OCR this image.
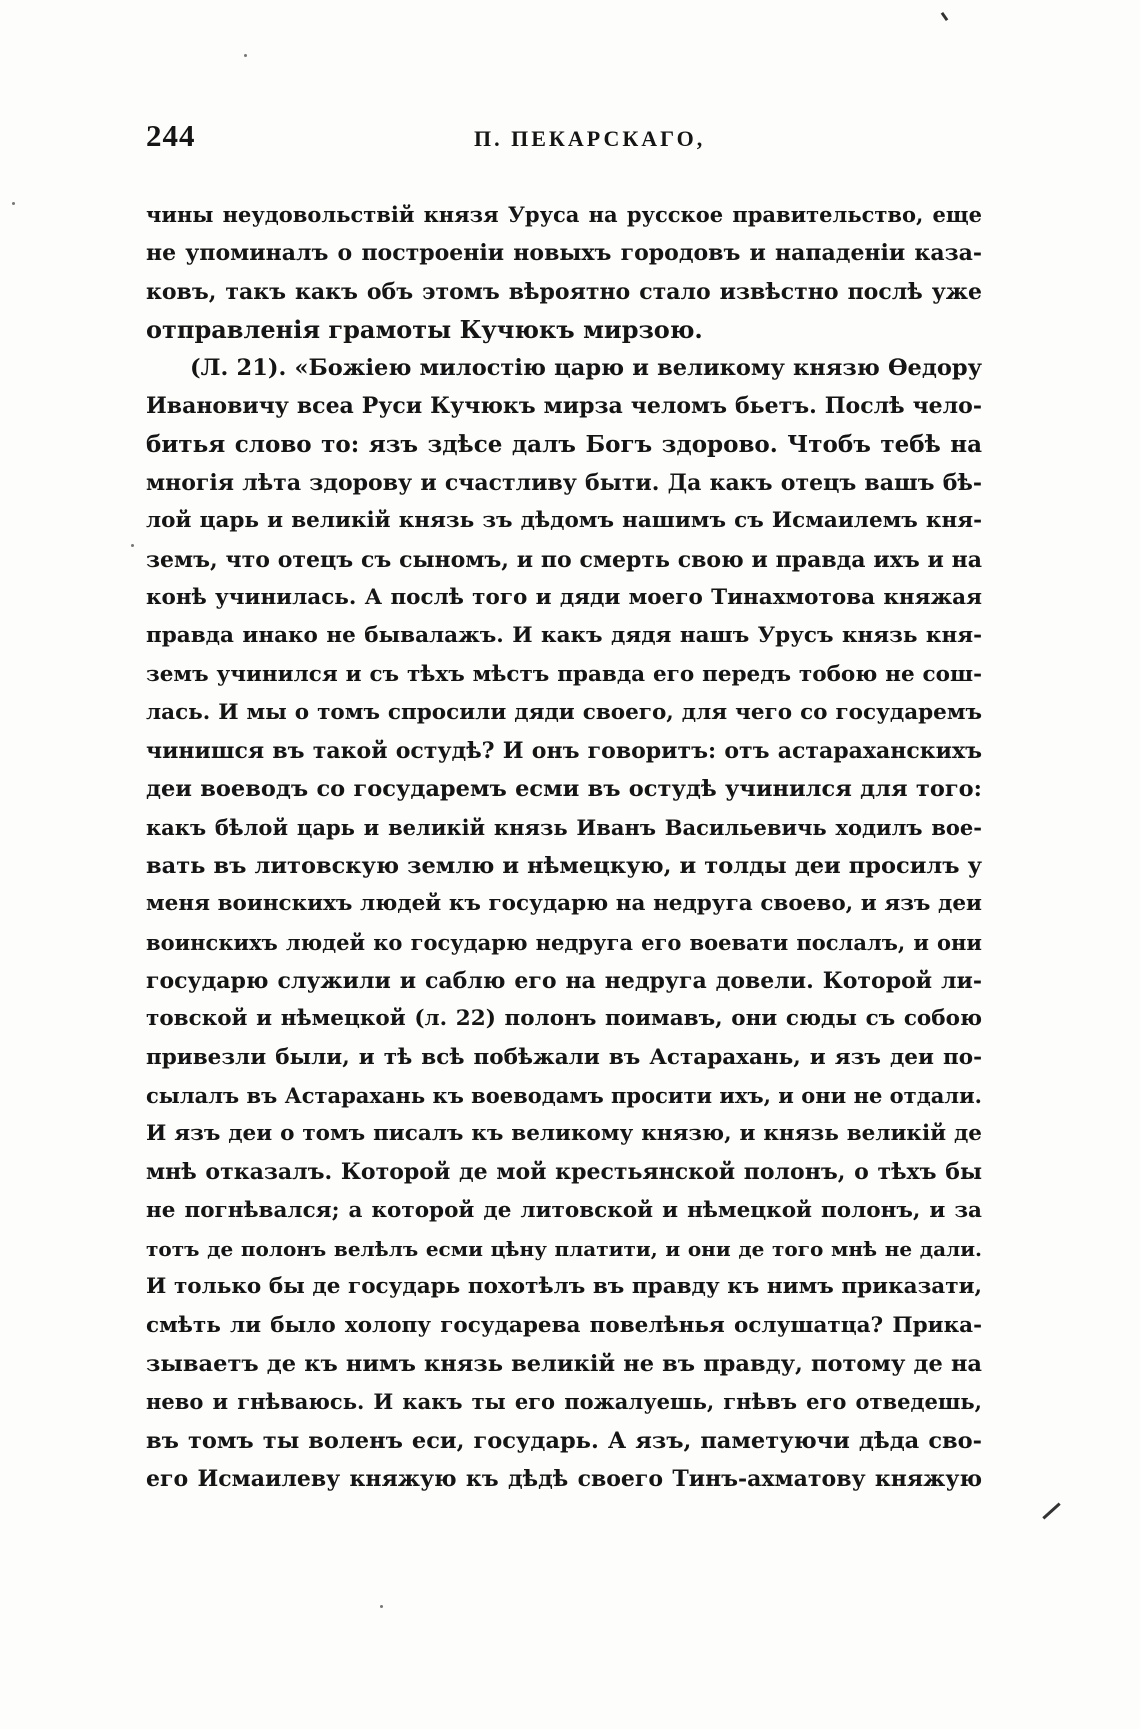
244	П. ПЕКАРСКАГО,
чины неудовольствій князя Уруса на русское правительство, еще
не упоминалъ о построеніи новыхъ городовъ и нападеніи каза-
ковъ, такъ какъ объ этомъ вѣроятно стало извѣстно послѣ уже
отправленія грамоты Кучюкъ мирзою.
(Л. 21). «Божіею милостію царю и великому князю Ѳедору
Ивановичу всеа Руси Кучюкъ мирза челомъ бьетъ. Послѣ чело-
битья слово то: язъ здѣсе далъ Богъ здорово. Чтобъ тебѣ на
многія лѣта здорову и счастливу быти. Да какъ отецъ вашъ бѣ-
лой царь и великій князь зъ дѣдомъ нашимъ съ Исмаилемъ кня-
земъ, что отецъ съ сыномъ, и по смерть свою и правда ихъ и на
конѣ учинилась. А послѣ того и дяди моего Тинахмотова княжая
правда инако не бывалажъ. И какъ дядя нашъ Урусъ князь кня-
земъ учинился и съ тѣхъ мѣстъ правда его передъ тобою не сош-
лась. И мы о томъ спросили дяди своего, для чего со государемъ
чинишся въ такой остудѣ? И онъ говоритъ: отъ астараханскихъ
деи воеводъ со государемъ есми въ остудѣ учинился для того:
какъ бѣлой царь и великій князь Иванъ Васильевичь ходилъ вое-
вать въ литовскую землю и нѣмецкую, и толды деи просилъ у
меня воинскихъ людей къ государю на недруга своево, и язъ деи
воинскихъ людей ко государю недруга его воевати послалъ, и они
государю служили и саблю его на недруга довели. Которой ли-
товской и нѣмецкой (л. 22) полонъ поимавъ, они сюды съ собою
привезли были, и тѣ всѣ побѣжали въ Астарахань, и язъ деи по-
сылалъ въ Астарахань къ воеводамъ просити ихъ, и они не отдали.
И язъ деи о томъ писалъ къ великому князю, и князь великій де
мнѣ отказалъ. Которой де мой крестьянской полонъ, о тѣхъ бы
не погнѣвался; а которой де литовской и нѣмецкой полонъ, и за
тотъ де полонъ велѣлъ есми цѣну платити, и они де того мнѣ не дали.
И только бы де государь похотѣлъ въ правду къ нимъ приказати,
смѣть ли было холопу государева повелѣнья ослушатца? Прика-
зываетъ де къ нимъ князь великій не въ правду, потому де на
нево и гнѣваюсь. И какъ ты его пожалуешь, гнѣвъ его отведешь,
въ томъ ты воленъ еси, государь. А язъ, паметуючи дѣда сво-
его Исмаилеву княжую къ дѣдѣ своего Тинъ-ахматову княжую
